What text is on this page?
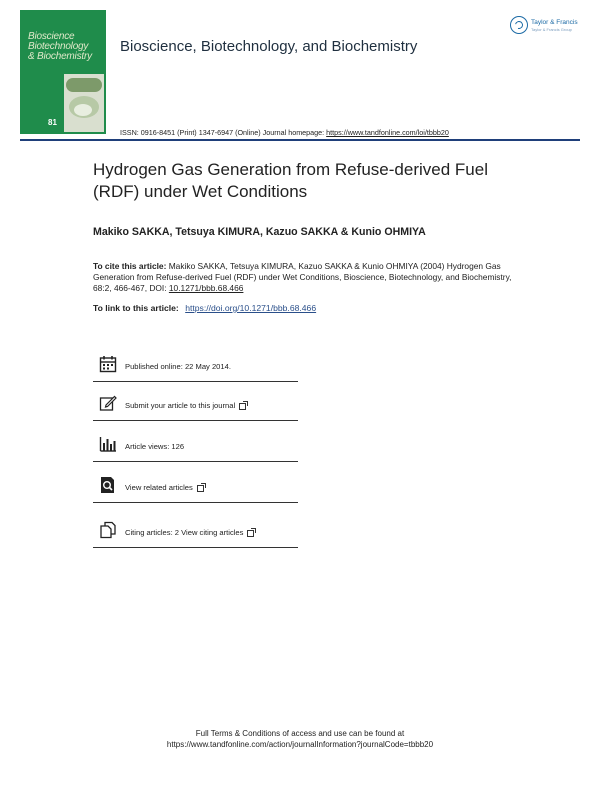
Bioscience
Biotechnology
& Biochemistry
81
Bioscience, Biotechnology, and Biochemistry
Taylor & Francis
Taylor & Francis Group
ISSN: 0916-8451 (Print) 1347-6947 (Online) Journal homepage: https://www.tandfonline.com/loi/tbbb20
Hydrogen Gas Generation from Refuse-derived Fuel (RDF) under Wet Conditions
Makiko SAKKA, Tetsuya KIMURA, Kazuo SAKKA & Kunio OHMIYA
To cite this article: Makiko SAKKA, Tetsuya KIMURA, Kazuo SAKKA & Kunio OHMIYA (2004) Hydrogen Gas Generation from Refuse-derived Fuel (RDF) under Wet Conditions, Bioscience, Biotechnology, and Biochemistry, 68:2, 466-467, DOI: 10.1271/bbb.68.466
To link to this article: https://doi.org/10.1271/bbb.68.466
Published online: 22 May 2014.
Submit your article to this journal
Article views: 126
View related articles
Citing articles: 2 View citing articles
Full Terms & Conditions of access and use can be found at
https://www.tandfonline.com/action/journalInformation?journalCode=tbbb20
